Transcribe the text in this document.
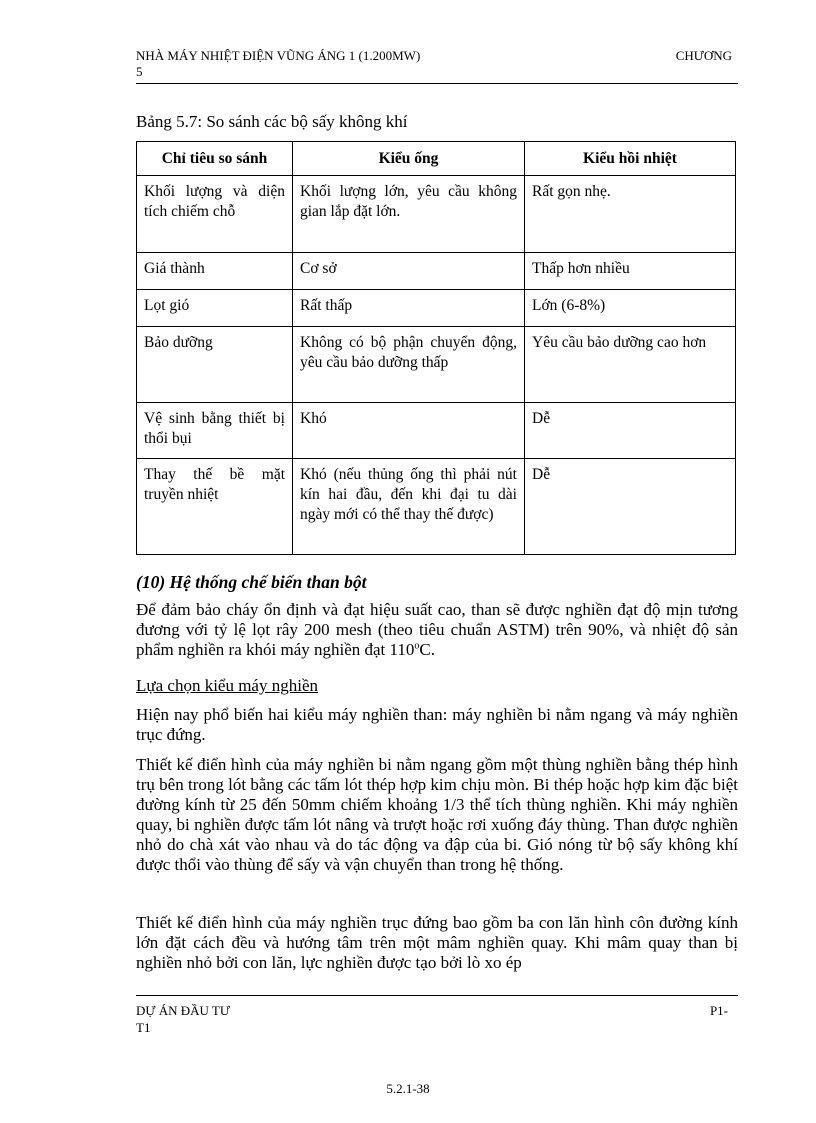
NHÀ MÁY NHIỆT ĐIỆN VŨNG ÁNG 1 (1.200MW)	CHƯƠNG
5
Bảng 5.7: So sánh các bộ sấy không khí
Chỉ tiêu so sánh	Kiểu ống	Kiểu hồi nhiệt
Khối lượng và diện tích chiếm chỗ	Khối lượng lớn, yêu cầu không gian lắp đặt lớn.	Rất gọn nhẹ.
Giá thành	Cơ sở	Thấp hơn nhiều
Lọt gió	Rất thấp	Lớn (6-8%)
Bảo dưỡng	Không có bộ phận chuyển động, yêu cầu bảo dưỡng thấp	Yêu cầu bảo dưỡng cao hơn
Vệ sinh bằng thiết bị thổi bụi	Khó	Dễ
Thay thế bề mặt truyền nhiệt	Khó (nếu thủng ống thì phải nút kín hai đầu, đến khi đại tu dài ngày mới có thể thay thế được)	Dễ
(10) Hệ thống chế biến than bột

Để đảm bảo cháy ổn định và đạt hiệu suất cao, than sẽ được nghiền đạt độ mịn tương đương với tỷ lệ lọt rây 200 mesh (theo tiêu chuẩn ASTM) trên 90%, và nhiệt độ sản phẩm nghiền ra khói máy nghiền đạt 110$^o$C.

Lựa chọn kiểu máy nghiền

Hiện nay phổ biến hai kiểu máy nghiền than: máy nghiền bi nằm ngang và máy nghiền trục đứng.

Thiết kế điển hình của máy nghiền bi nằm ngang gồm một thùng nghiền bằng thép hình trụ bên trong lót bằng các tấm lót thép hợp kim chịu mòn. Bi thép hoặc hợp kim đặc biệt đường kính từ 25 đến 50mm chiếm khoảng 1/3 thể tích thùng nghiền. Khi máy nghiền quay, bi nghiền được tấm lót nâng và trượt hoặc rơi xuống đáy thùng. Than được nghiền nhỏ do chà xát vào nhau và do tác động va đập của bi. Gió nóng từ bộ sấy không khí được thổi vào thùng để sấy và vận chuyển than trong hệ thống.

Thiết kế điển hình của máy nghiền trục đứng bao gồm ba con lăn hình côn đường kính lớn đặt cách đều và hướng tâm trên một mâm nghiền quay. Khi mâm quay than bị nghiền nhỏ bởi con lăn, lực nghiền được tạo bởi lò xo ép

DỰ ÁN ĐẦU TƯ
T1
P1-
5.2.1-38
